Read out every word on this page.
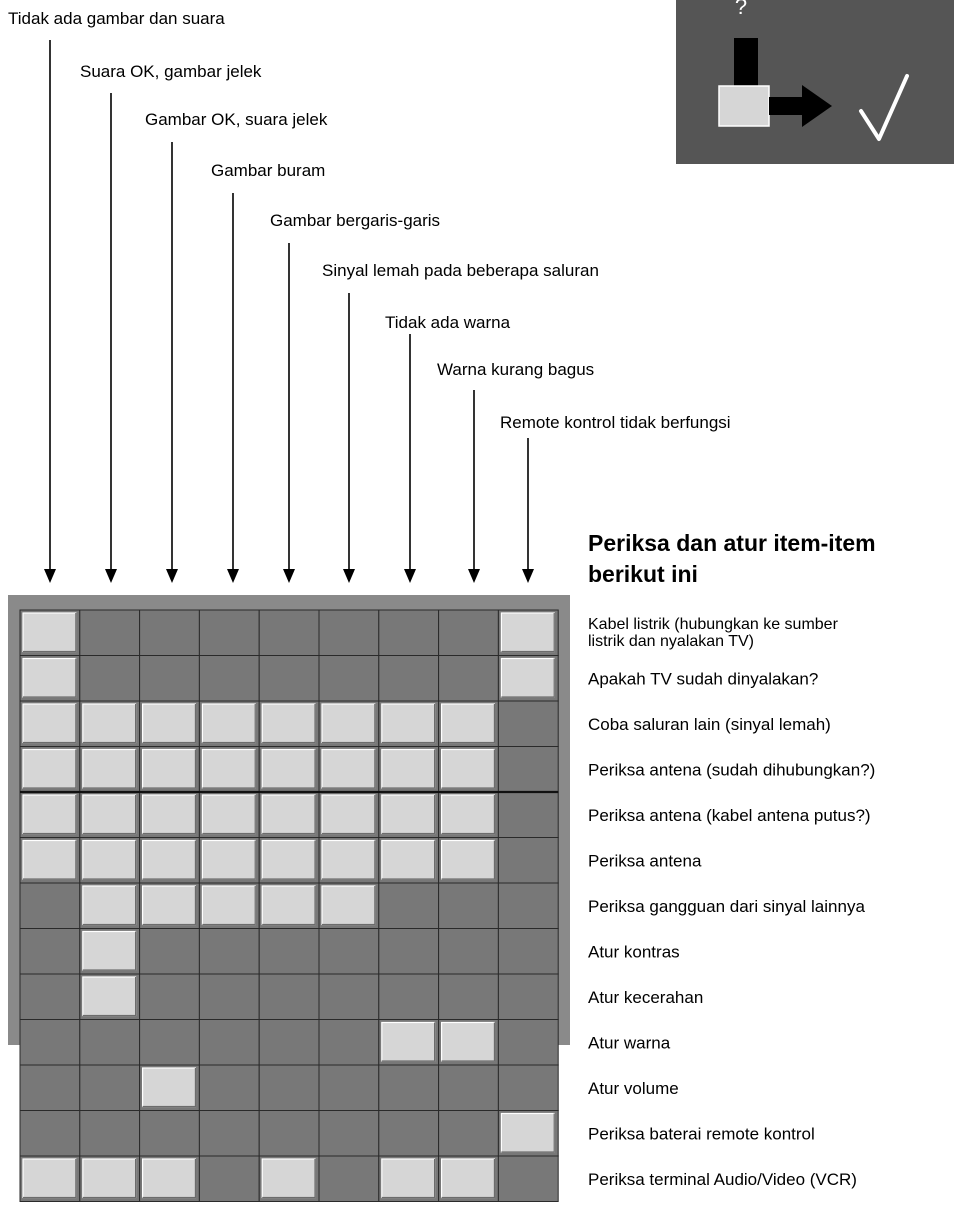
?
Tidak ada gambar dan suara
Suara OK, gambar jelek
Gambar OK, suara jelek
Gambar buram
Gambar bergaris-garis
Sinyal lemah pada beberapa saluran
Tidak ada warna
Warna kurang bagus
Remote kontrol tidak berfungsi
Periksa dan atur item-item
berikut ini
Kabel listrik (hubungkan ke sumber
listrik dan nyalakan TV)
Apakah TV sudah dinyalakan?
Coba saluran lain (sinyal lemah)
Periksa antena (sudah dihubungkan?)
Periksa antena (kabel antena putus?)
Periksa antena
Periksa gangguan dari sinyal lainnya
Atur kontras
Atur kecerahan
Atur warna
Atur volume
Periksa baterai remote kontrol
Periksa terminal Audio/Video (VCR)
